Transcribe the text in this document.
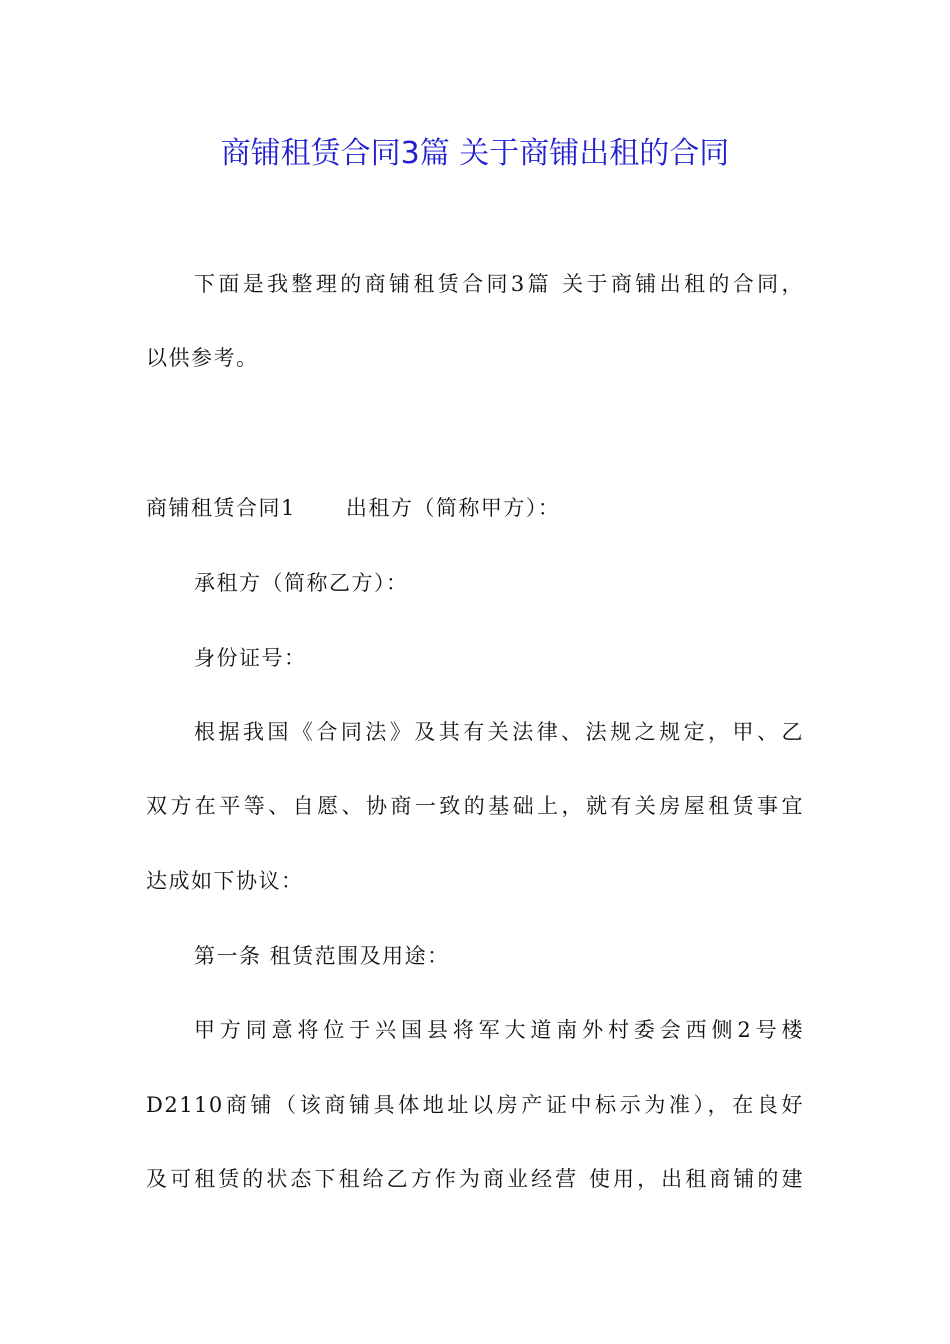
商铺租赁合同3篇 关于商铺出租的合同
下面是我整理的商铺租赁合同3篇 关于商铺出租的合同，
以供参考。
商铺租赁合同1 出租方（简称甲方）：
承租方（简称乙方）：
身份证号：
根据我国《合同法》及其有关法律、法规之规定，甲、乙
双方在平等、自愿、协商一致的基础上，就有关房屋租赁事宜
达成如下协议：
第一条 租赁范围及用途：
甲方同意将位于兴国县将军大道南外村委会西侧2号楼
D2110商铺（该商铺具体地址以房产证中标示为准），在良好
及可租赁的状态下租给乙方作为商业经营 使用，出租商铺的建
